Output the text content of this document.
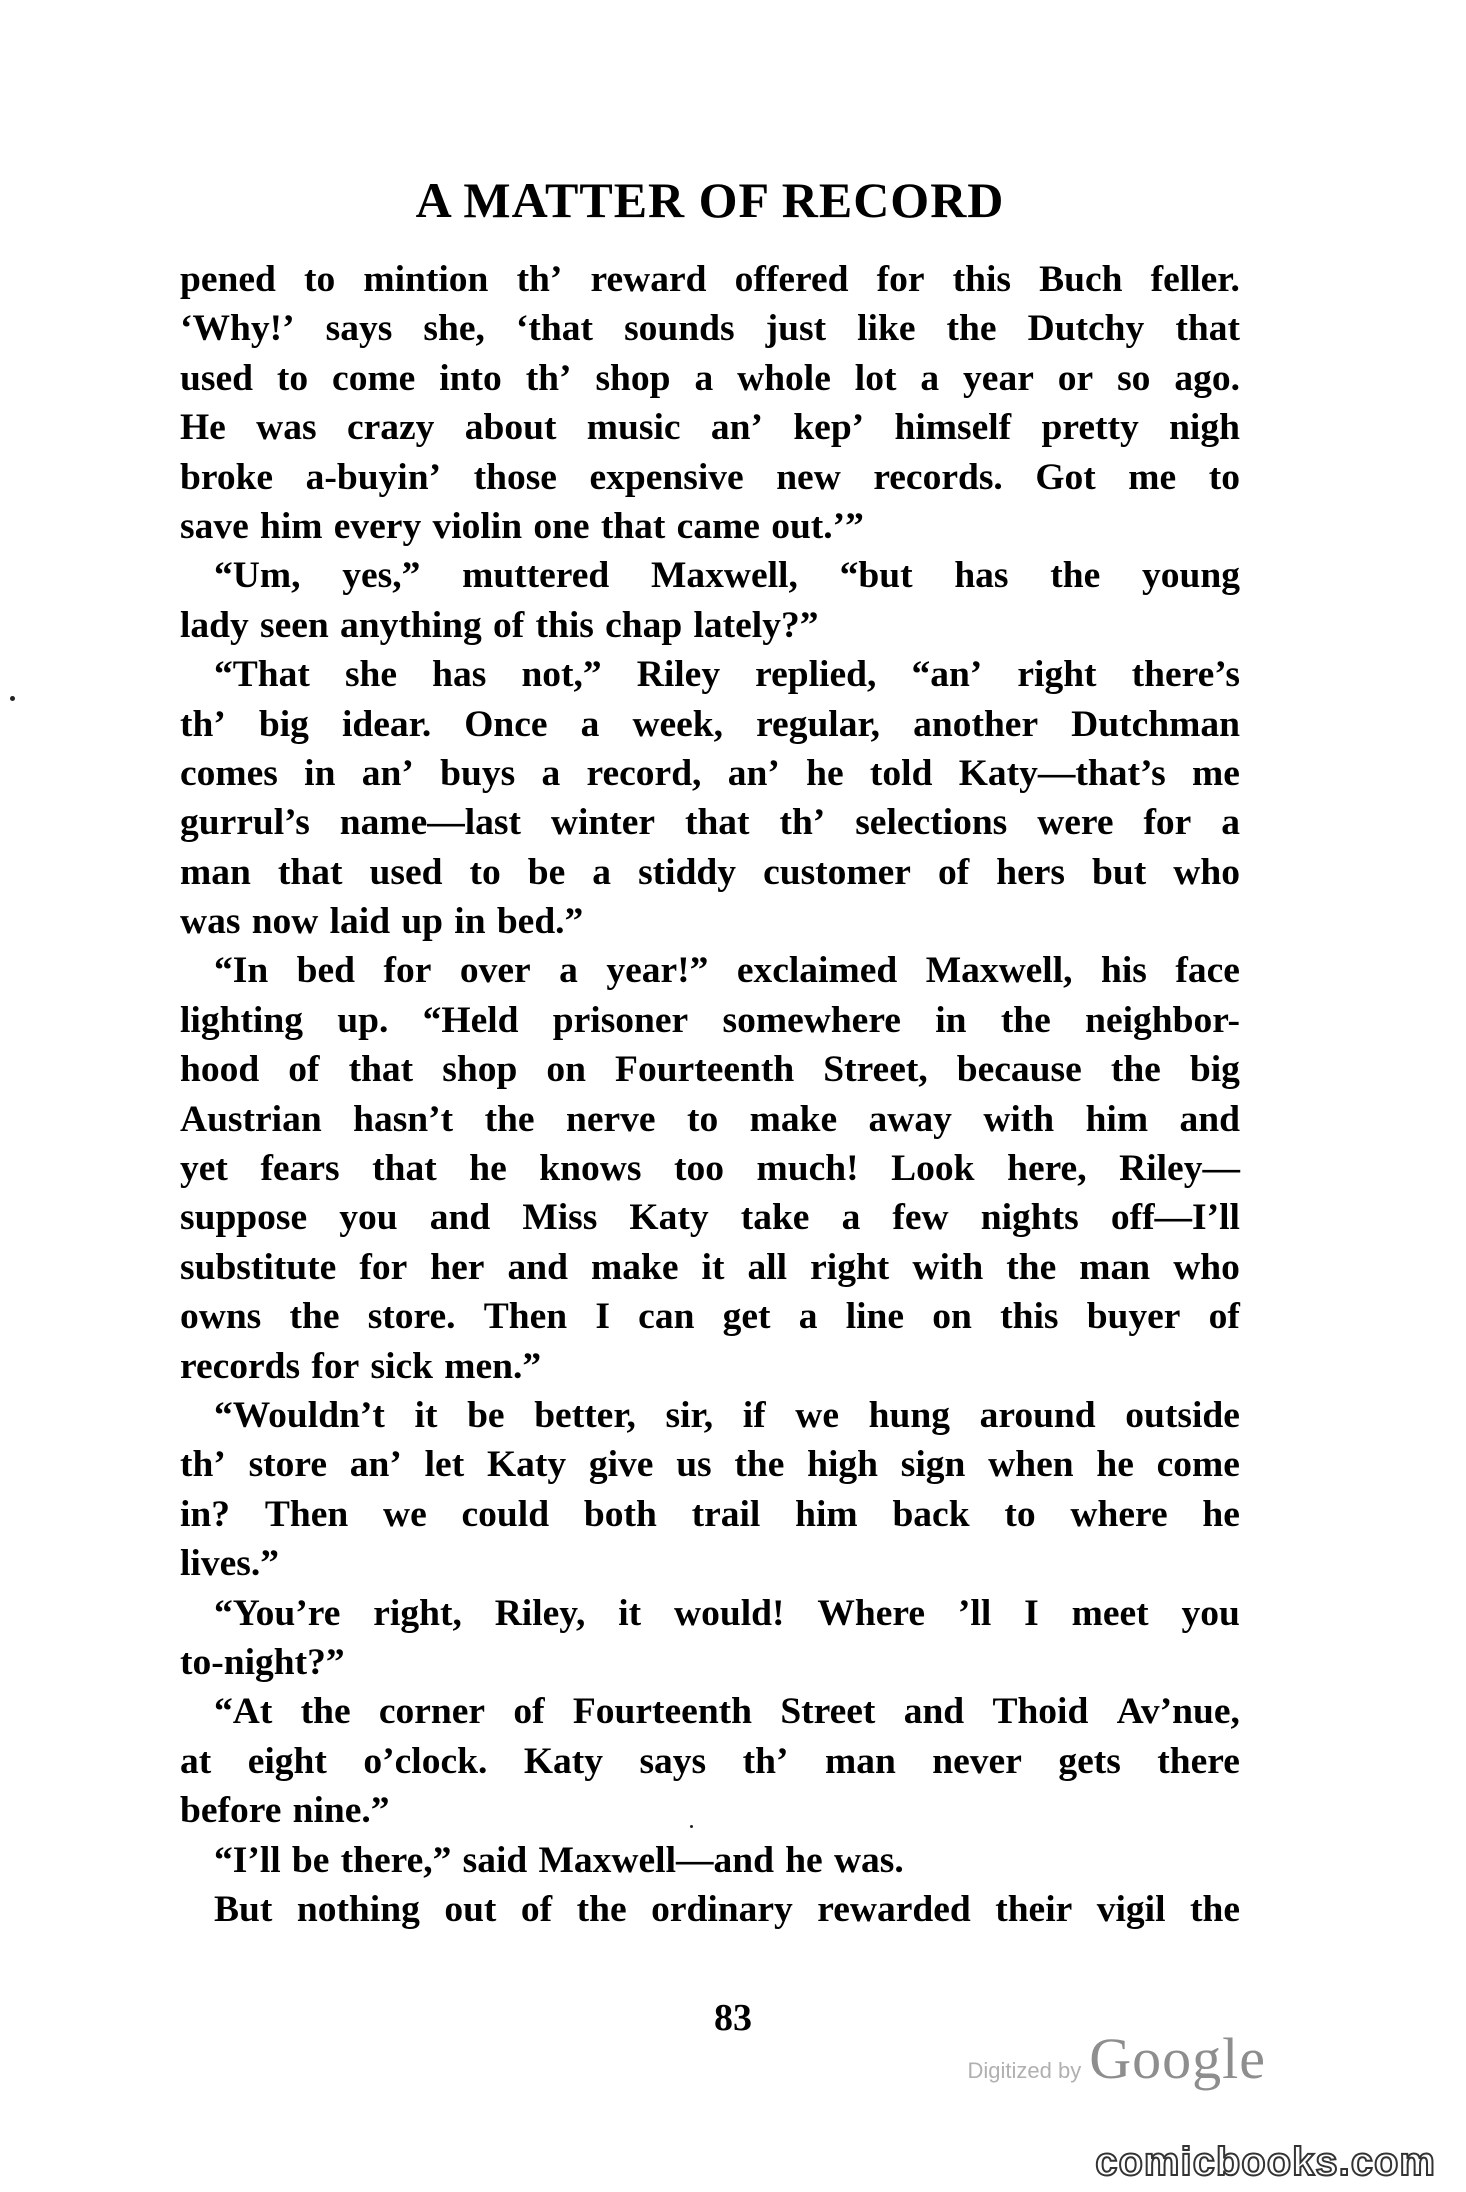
A MATTER OF RECORD
pened to mintion th’ reward offered for this Buch feller.
‘Why!’ says she, ‘that sounds just like the Dutchy that
used to come into th’ shop a whole lot a year or so ago.
He was crazy about music an’ kep’ himself pretty nigh
broke a-buyin’ those expensive new records. Got me to
save him every violin one that came out.’”
“Um, yes,” muttered Maxwell, “but has the young
lady seen anything of this chap lately?”
“That she has not,” Riley replied, “an’ right there’s
th’ big idear. Once a week, regular, another Dutchman
comes in an’ buys a record, an’ he told Katy—that’s me
gurrul’s name—last winter that th’ selections were for a
man that used to be a stiddy customer of hers but who
was now laid up in bed.”
“In bed for over a year!” exclaimed Maxwell, his face
lighting up. “Held prisoner somewhere in the neighbor-
hood of that shop on Fourteenth Street, because the big
Austrian hasn’t the nerve to make away with him and
yet fears that he knows too much! Look here, Riley—
suppose you and Miss Katy take a few nights off—I’ll
substitute for her and make it all right with the man who
owns the store. Then I can get a line on this buyer of
records for sick men.”
“Wouldn’t it be better, sir, if we hung around outside
th’ store an’ let Katy give us the high sign when he come
in? Then we could both trail him back to where he
lives.”
“You’re right, Riley, it would! Where ’ll I meet you
to-night?”
“At the corner of Fourteenth Street and Thoid Av’nue,
at eight o’clock. Katy says th’ man never gets there
before nine.”
“I’ll be there,” said Maxwell—and he was.
But nothing out of the ordinary rewarded their vigil the
83
Digitized by Google
comicbooks.com
